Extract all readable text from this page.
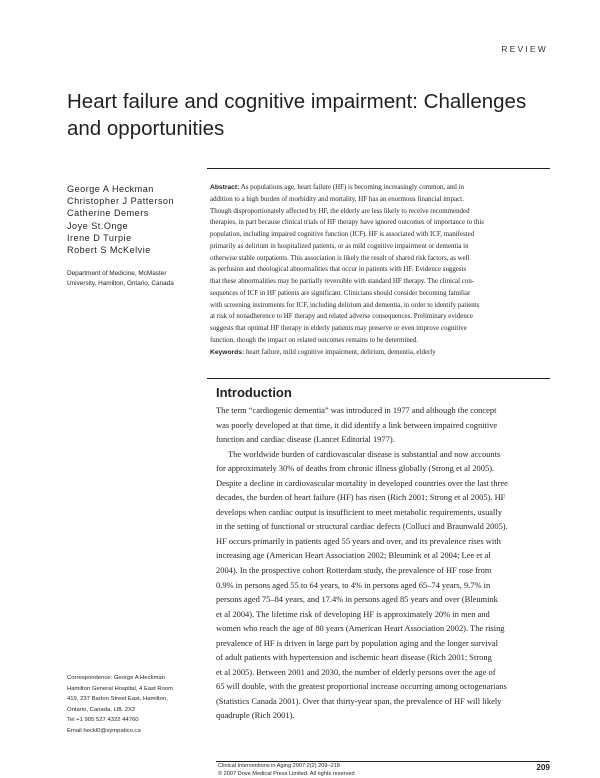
REVIEW
Heart failure and cognitive impairment: Challenges
and opportunities
George A Heckman
Christopher J Patterson
Catherine Demers
Joye St.Onge
Irene D Turpie
Robert S McKelvie
Department of Medicine, McMaster
University, Hamilton, Ontario, Canada
Abstract: As populations age, heart failure (HF) is becoming increasingly common, and in
addition to a high burden of morbidity and mortality, HF has an enormous financial impact.
Though disproportionately affected by HF, the elderly are less likely to receive recommended
therapies, in part because clinical trials of HF therapy have ignored outcomes of importance to this
population, including impaired cognitive function (ICF). HF is associated with ICF, manifested
primarily as delirium in hospitalized patients, or as mild cognitive impairment or dementia in
otherwise stable outpatients. This association is likely the result of shared risk factors, as well
as perfusion and rheological abnormalities that occur in patients with HF. Evidence suggests
that these abnormalities may be partially reversible with standard HF therapy. The clinical con-
sequences of ICF in HF patients are significant. Clinicians should consider becoming familiar
with screening instruments for ICF, including delirium and dementia, in order to identify patients
at risk of nonadherence to HF therapy and related adverse consequences. Preliminary evidence
suggests that optimal HF therapy in elderly patients may preserve or even improve cognitive
function, though the impact on related outcomes remains to be determined.
Keywords: heart failure, mild cognitive impairment, delirium, dementia, elderly
Introduction
The term “cardiogenic dementia” was introduced in 1977 and although the concept
was poorly developed at that time, it did identify a link between impaired cognitive
function and cardiac disease (Lancet Editorial 1977).
The worldwide burden of cardiovascular disease is substantial and now accounts
for approximately 30% of deaths from chronic illness globally (Strong et al 2005).
Despite a decline in cardiovascular mortality in developed countries over the last three
decades, the burden of heart failure (HF) has risen (Rich 2001; Strong et al 2005). HF
develops when cardiac output is insufficient to meet metabolic requirements, usually
in the setting of functional or structural cardiac defects (Colluci and Braunwald 2005).
HF occurs primarily in patients aged 55 years and over, and its prevalence rises with
increasing age (American Heart Association 2002; Bleumink et al 2004; Lee et al
2004). In the prospective cohort Rotterdam study, the prevalence of HF rose from
0.9% in persons aged 55 to 64 years, to 4% in persons aged 65–74 years, 9.7% in
persons aged 75–84 years, and 17.4% in persons aged 85 years and over (Bleumink
et al 2004). The lifetime risk of developing HF is approximately 20% in men and
women who reach the age of 80 years (American Heart Association 2002). The rising
prevalence of HF is driven in large part by population aging and the longer survival
of adult patients with hypertension and ischemic heart disease (Rich 2001; Strong
et al 2005). Between 2001 and 2030, the number of elderly persons over the age of
65 will double, with the greatest proportional increase occurring among octogenarians
(Statistics Canada 2001). Over that thirty-year span, the prevalence of HF will likely
quadruple (Rich 2001).
Correspondence: George A Heckman
Hamilton General Hospital, 4 East Room
419, 237 Barton Street East, Hamilton,
Ontario, Canada, L8L 2X2
Tel +1 905 527 4322 44760
Email heckl0@sympatico.ca
Clinical Interventions in Aging 2007:2(2) 209–218
© 2007 Dove Medical Press Limited. All rights reserved
209
